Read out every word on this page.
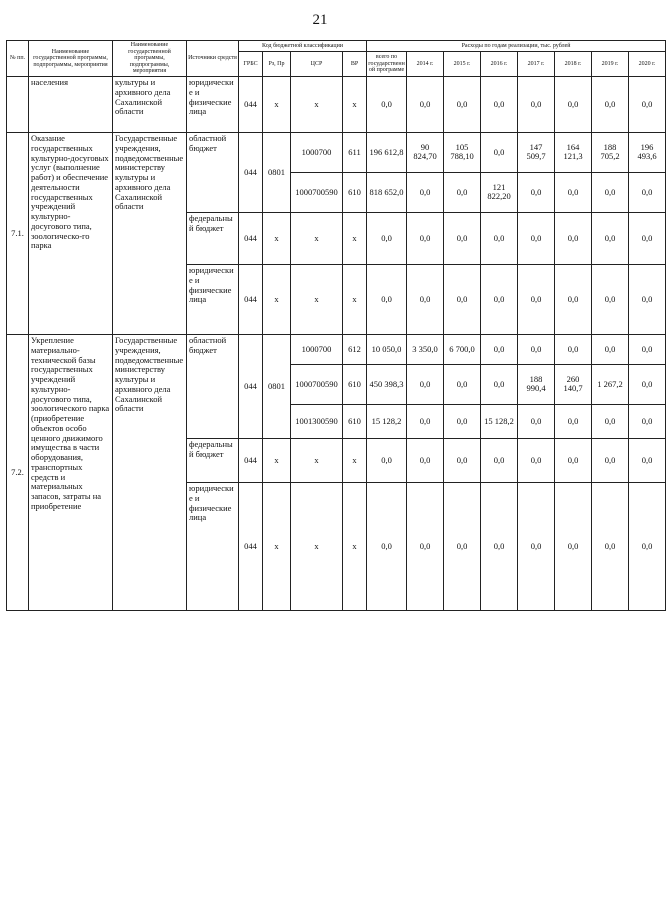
21
№ пп.	Наименование государственной программы, подпрограммы, мероприятия	Наименование государственной программы, подпрограммы, мероприятия	Источники средств	Код бюджетной классификации				Расходы по годам реализации, тыс. рублей							
				ГРБС	Рз, Пр	ЦСР	ВР	всего по государственной программе	2014 г.	2015 г.	2016 г.	2017 г.	2018 г.	2019 г.	2020 г.
	населения	культуры и архивного дела Сахалинской области	юридические и физические лица	044	x	x	x	0,0	0,0	0,0	0,0	0,0	0,0	0,0	0,0
7.1.	Оказание государственных культурно-досуговых услуг (выполнение работ) и обеспечение деятельности государственных учреждений культурно-досугового типа, зоологическо-го парка	Государственные учреждения, подведомственные министерству культуры и архивного дела Сахалинской области	областной бюджет	044	0801	1000700	611	196 612,8	90 824,70	105 788,10	0,0	147 509,7	164 121,3	188 705,2	196 493,6
						1000700590	610	818 652,0	0,0	0,0	121 822,20	0,0	0,0	0,0	0,0
			федеральный бюджет	044	x	x	x	0,0	0,0	0,0	0,0	0,0	0,0	0,0	0,0
			юридические и физические лица	044	x	x	x	0,0	0,0	0,0	0,0	0,0	0,0	0,0	0,0
7.2.	Укрепление материально-технической базы государственных учреждений культурно-досугового типа, зоологического парка (приобретение объектов особо ценного движимого имущества в части оборудования, транспортных средств и материальных запасов, затраты на приобретение	Государственные учреждения, подведомственные министерству культуры и архивного дела Сахалинской области	областной бюджет	044	0801	1000700	612	10 050,0	3 350,0	6 700,0	0,0	0,0	0,0	0,0	0,0
						1000700590	610	450 398,3	0,0	0,0	0,0	188 990,4	260 140,7	1 267,2	0,0
						1001300590	610	15 128,2	0,0	0,0	15 128,2	0,0	0,0	0,0	0,0
			федеральный бюджет	044	x	x	x	0,0	0,0	0,0	0,0	0,0	0,0	0,0	0,0
			юридические и физические лица	044	x	x	x	0,0	0,0	0,0	0,0	0,0	0,0	0,0	0,0
